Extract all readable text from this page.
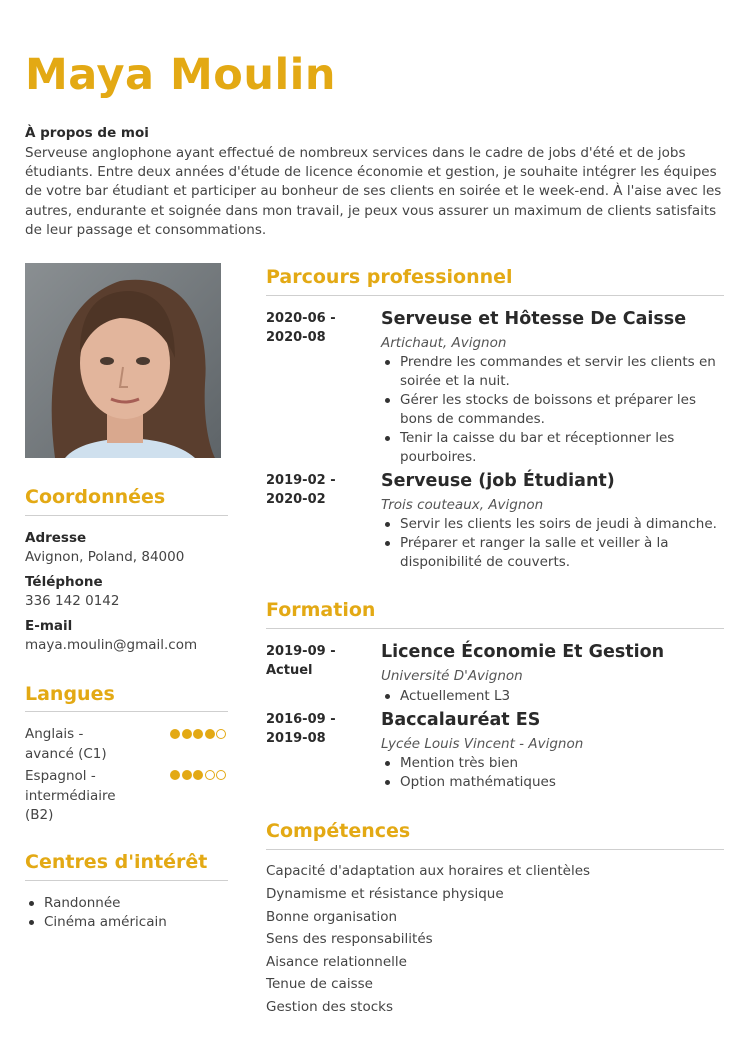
Maya Moulin
À propos de moi

Serveuse anglophone ayant effectué de nombreux services dans le cadre de jobs d'été et de jobs étudiants. Entre deux années d'étude de licence économie et gestion, je souhaite intégrer les équipes de votre bar étudiant et participer au bonheur de ses clients en soirée et le week-end. À l'aise avec les autres, endurante et soignée dans mon travail, je peux vous assurer un maximum de clients satisfaits de leur passage et consommations.

Coordonnées
Adresse
Avignon, Poland, 84000
Téléphone
336 142 0142
E-mail
maya.moulin@gmail.com
Langues
Anglais - avancé (C1)
Espagnol - intermédiaire (B2)
Centres d'intérêt
Randonnée
Cinéma américain
Parcours professionnel
2020-06 - 2020-08
Serveuse et Hôtesse De Caisse
Artichaut, Avignon
Prendre les commandes et servir les clients en soirée et la nuit.
Gérer les stocks de boissons et préparer les bons de commandes.
Tenir la caisse du bar et réceptionner les pourboires.
2019-02 - 2020-02
Serveuse (job Étudiant)
Trois couteaux, Avignon
Servir les clients les soirs de jeudi à dimanche.
Préparer et ranger la salle et veiller à la disponibilité de couverts.
Formation
2019-09 - Actuel
Licence Économie Et Gestion
Université D'Avignon
Actuellement L3
2016-09 - 2019-08
Baccalauréat ES
Lycée Louis Vincent - Avignon
Mention très bien
Option mathématiques
Compétences
Capacité d'adaptation aux horaires et clientèles
Dynamisme et résistance physique
Bonne organisation
Sens des responsabilités
Aisance relationnelle
Tenue de caisse
Gestion des stocks
